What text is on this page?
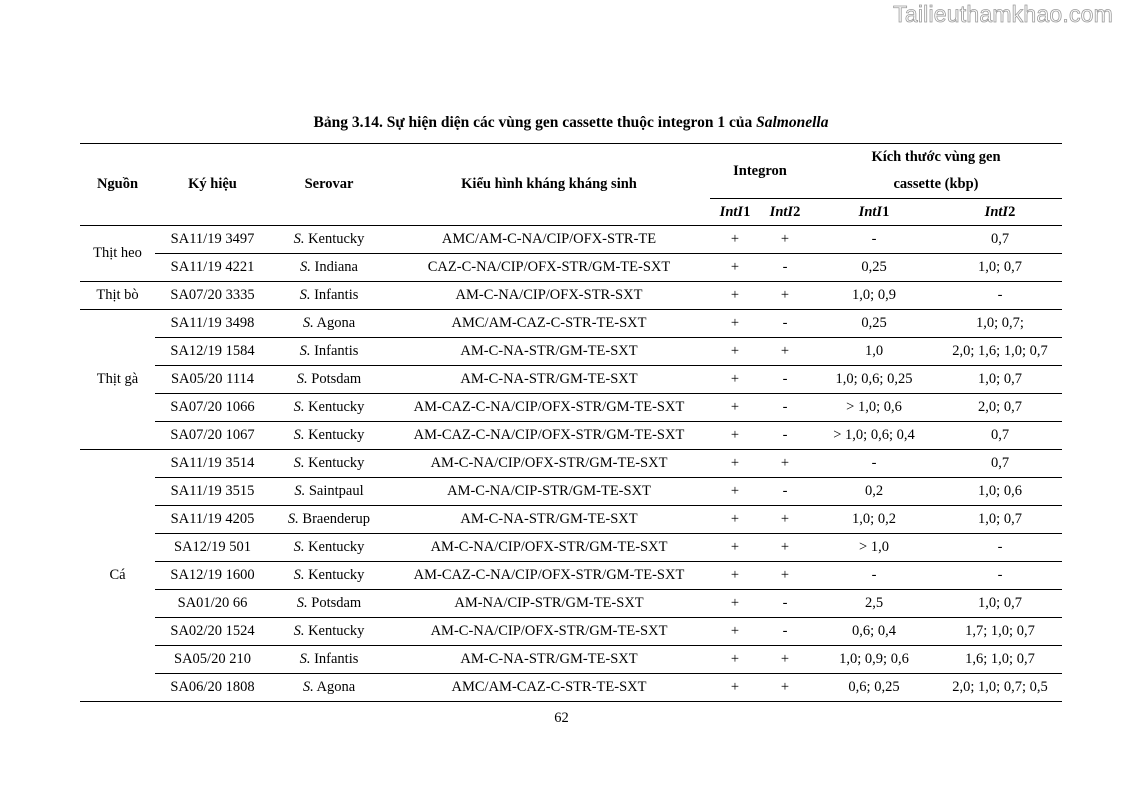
Tailieuthamkhao.com
Bảng 3.14. Sự hiện diện các vùng gen cassette thuộc integron 1 của Salmonella
Nguồn	Ký hiệu	Serovar	Kiểu hình kháng kháng sinh	Integron		Kích thước vùng gen	
						cassette (kbp)	
				IntI1	IntI2	IntI1	IntI2
Thịt heo	SA11/19 3497	S. Kentucky	AMC/AM-C-NA/CIP/OFX-STR-TE	+	+	-	0,7
	SA11/19 4221	S. Indiana	CAZ-C-NA/CIP/OFX-STR/GM-TE-SXT	+	-	0,25	1,0; 0,7
Thịt bò	SA07/20 3335	S. Infantis	AM-C-NA/CIP/OFX-STR-SXT	+	+	1,0; 0,9	-
Thịt gà	SA11/19 3498	S. Agona	AMC/AM-CAZ-C-STR-TE-SXT	+	-	0,25	1,0; 0,7;
	SA12/19 1584	S. Infantis	AM-C-NA-STR/GM-TE-SXT	+	+	1,0	2,0; 1,6; 1,0; 0,7
	SA05/20 1114	S. Potsdam	AM-C-NA-STR/GM-TE-SXT	+	-	1,0; 0,6; 0,25	1,0; 0,7
	SA07/20 1066	S. Kentucky	AM-CAZ-C-NA/CIP/OFX-STR/GM-TE-SXT	+	-	> 1,0; 0,6	2,0; 0,7
	SA07/20 1067	S. Kentucky	AM-CAZ-C-NA/CIP/OFX-STR/GM-TE-SXT	+	-	> 1,0; 0,6; 0,4	0,7
Cá	SA11/19 3514	S. Kentucky	AM-C-NA/CIP/OFX-STR/GM-TE-SXT	+	+	-	0,7
	SA11/19 3515	S. Saintpaul	AM-C-NA/CIP-STR/GM-TE-SXT	+	-	0,2	1,0; 0,6
	SA11/19 4205	S. Braenderup	AM-C-NA-STR/GM-TE-SXT	+	+	1,0; 0,2	1,0; 0,7
	SA12/19 501	S. Kentucky	AM-C-NA/CIP/OFX-STR/GM-TE-SXT	+	+	> 1,0	-
	SA12/19 1600	S. Kentucky	AM-CAZ-C-NA/CIP/OFX-STR/GM-TE-SXT	+	+	-	-
	SA01/20 66	S. Potsdam	AM-NA/CIP-STR/GM-TE-SXT	+	-	2,5	1,0; 0,7
	SA02/20 1524	S. Kentucky	AM-C-NA/CIP/OFX-STR/GM-TE-SXT	+	-	0,6; 0,4	1,7; 1,0; 0,7
	SA05/20 210	S. Infantis	AM-C-NA-STR/GM-TE-SXT	+	+	1,0; 0,9; 0,6	1,6; 1,0; 0,7
	SA06/20 1808	S. Agona	AMC/AM-CAZ-C-STR-TE-SXT	+	+	0,6; 0,25	2,0; 1,0; 0,7; 0,5
62
